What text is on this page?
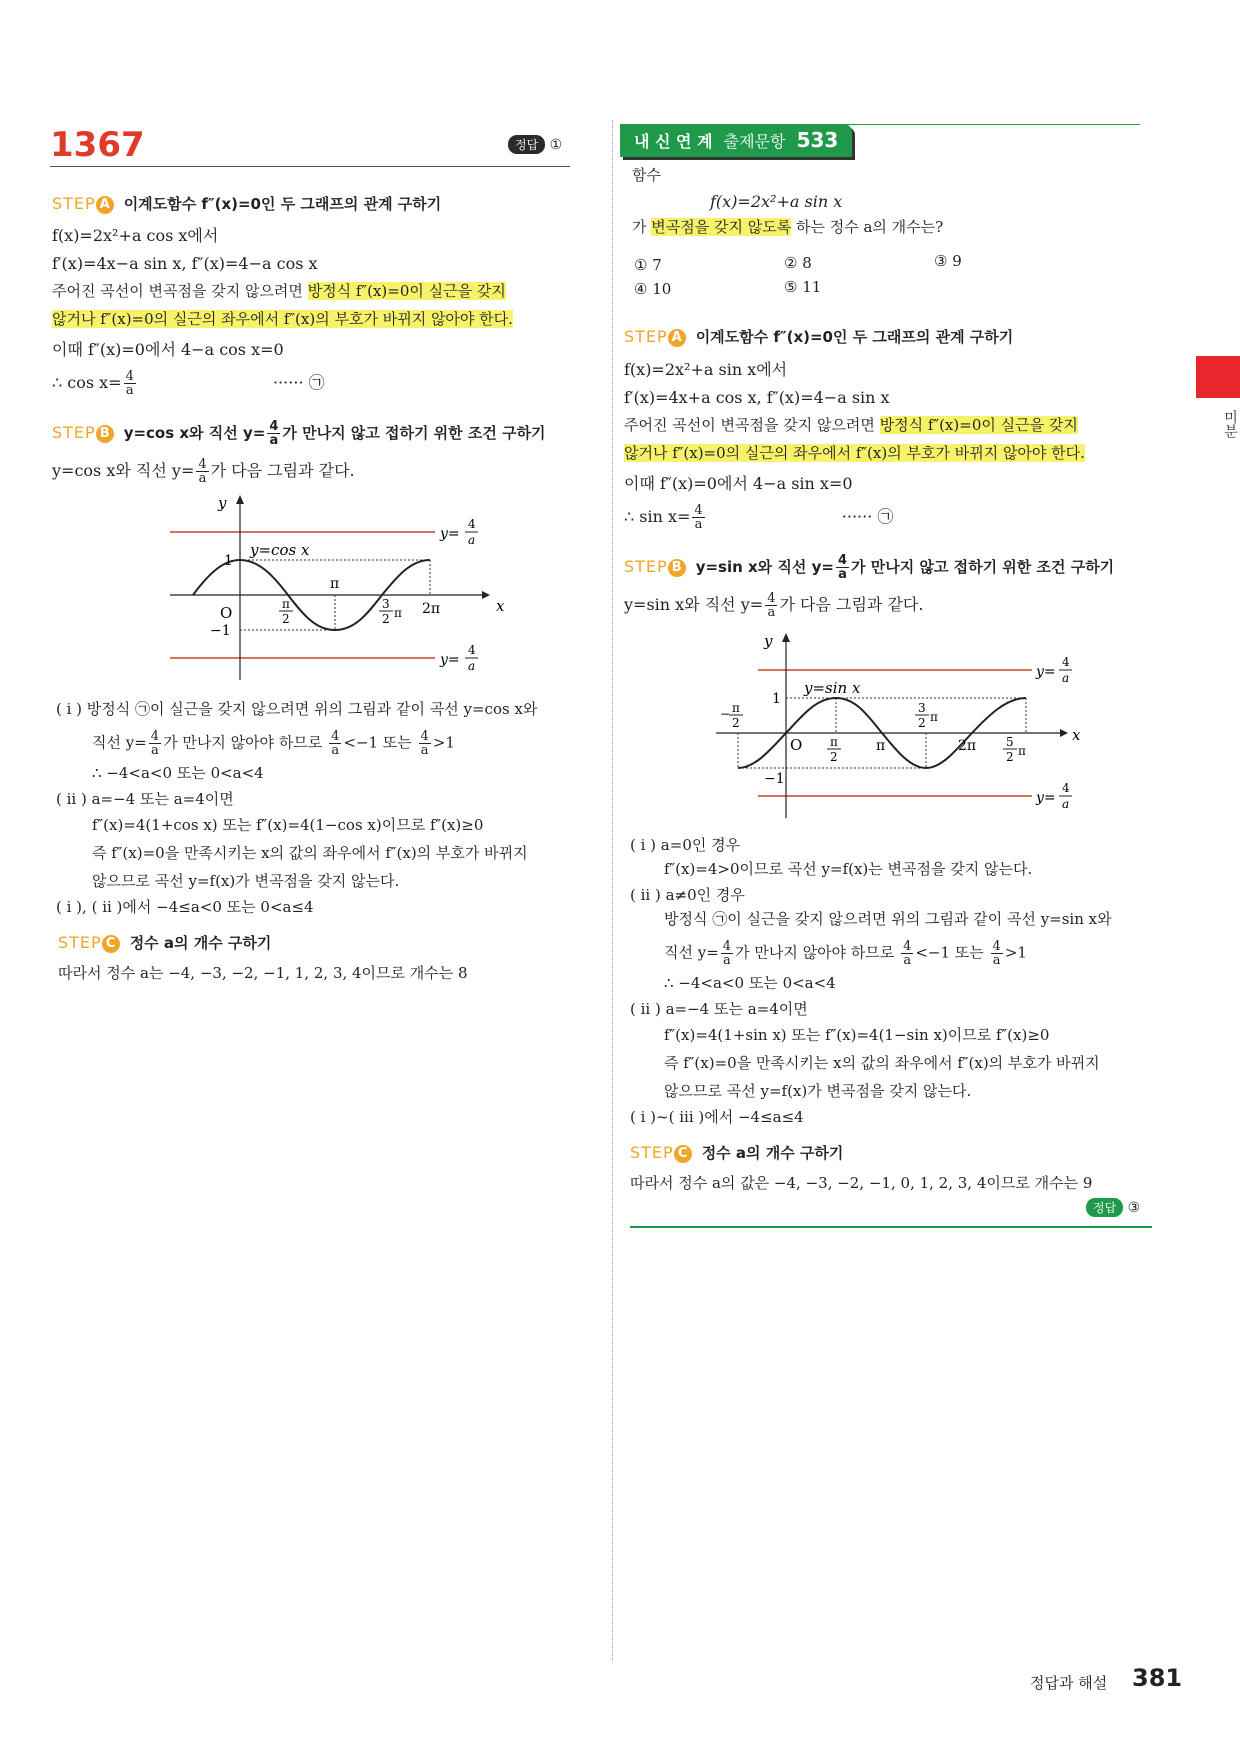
1367	정답 ①
STEP A 이계도함수 f″(x)=0인 두 그래프의 관계 구하기
f(x)=2x²+a cos x에서
f′(x)=4x−a sin x, f″(x)=4−a cos x
주어진 곡선이 변곡점을 갖지 않으려면 방정식 f″(x)=0이 실근을 갖지
않거나 f″(x)=0의 실근의 좌우에서 f″(x)의 부호가 바뀌지 않아야 한다.
이때 f″(x)=0에서 4−a cos x=0
∴ $\cos x= \frac{4}{a}$	······ ㉠
STEP B y=cos x와 직선 $y= \frac{4}{a}$ 가 만나지 않고 접하기 위한 조건 구하기
y=cos x와 직선 $y= \frac{4}{a}$ 가 다음 그림과 같다.
y
x
O
1
−1
y=cos x
π
2π
π
2
3
2 π
y=
4
a
y=
4
a
( i ) 방정식 ㉠이 실근을 갖지 않으려면 위의 그림과 같이 곡선 y=cos x와
직선 $y= \frac{4}{a}$ 가 만나지 않아야 하므로 $\frac{4}{a} <-1$ 또는 $\frac{4}{a} >1$
∴ −4<a<0 또는 0<a<4
( ii ) a=−4 또는 a=4이면
f″(x)=4(1+cos x) 또는 f″(x)=4(1−cos x)이므로 f″(x)≥0
즉 f″(x)=0을 만족시키는 x의 값의 좌우에서 f″(x)의 부호가 바뀌지
않으므로 곡선 y=f(x)가 변곡점을 갖지 않는다.
( i ), ( ii )에서 −4≤a<0 또는 0<a≤4
STEP C 정수 a의 개수 구하기
따라서 정수 a는 −4, −3, −2, −1, 1, 2, 3, 4이므로 개수는 8
내 신 연 계 출제문항 533
함수
f(x)=2x²+a sin x
가 변곡점을 갖지 않도록 하는 정수 a의 개수는?
① 7	② 8	③ 9
④ 10	⑤ 11
STEP A 이계도함수 f″(x)=0인 두 그래프의 관계 구하기
f(x)=2x²+a sin x에서
f′(x)=4x+a cos x, f″(x)=4−a sin x
주어진 곡선이 변곡점을 갖지 않으려면 방정식 f″(x)=0이 실근을 갖지
않거나 f″(x)=0의 실근의 좌우에서 f″(x)의 부호가 바뀌지 않아야 한다.
이때 f″(x)=0에서 4−a sin x=0
∴ $\sin x= \frac{4}{a}$	······ ㉠
STEP B y=sin x와 직선 $y= \frac{4}{a}$ 가 만나지 않고 접하기 위한 조건 구하기
y=sin x와 직선 $y= \frac{4}{a}$ 가 다음 그림과 같다.
y
x
O
1
−1
y=sin x
− π
2
π
2
π
3
2 π
2π 5
2 π
y=
4
a
y=
4
a
( i ) a=0인 경우
f″(x)=4>0이므로 곡선 y=f(x)는 변곡점을 갖지 않는다.
( ii ) a≠0인 경우
방정식 ㉠이 실근을 갖지 않으려면 위의 그림과 같이 곡선 y=sin x와
직선 $y= \frac{4}{a}$ 가 만나지 않아야 하므로 $\frac{4}{a} <-1$ 또는 $\frac{4}{a} >1$
∴ −4<a<0 또는 0<a<4
( ii ) a=−4 또는 a=4이면
f″(x)=4(1+sin x) 또는 f″(x)=4(1−sin x)이므로 f″(x)≥0
즉 f″(x)=0을 만족시키는 x의 값의 좌우에서 f″(x)의 부호가 바뀌지
않으므로 곡선 y=f(x)가 변곡점을 갖지 않는다.
( i )~( iii )에서 −4≤a≤4
STEP C 정수 a의 개수 구하기
따라서 정수 a의 값은 −4, −3, −2, −1, 0, 1, 2, 3, 4이므로 개수는 9
정답 ③
미분
정답과 해설 381
